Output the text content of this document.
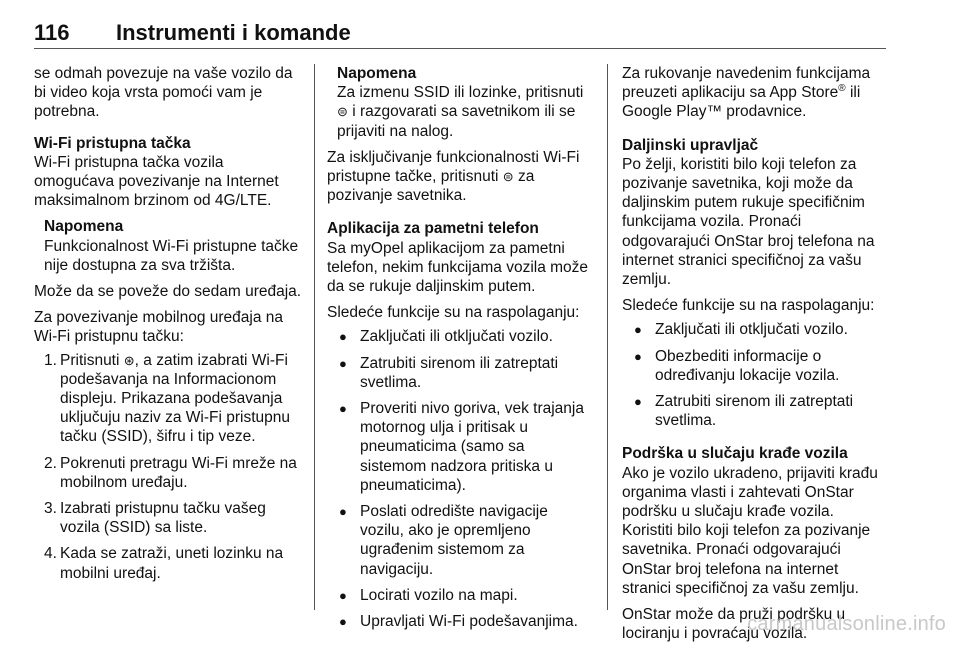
116 Instrumenti i komande

se odmah povezuje na vaše vozilo da bi video koja vrsta pomoći vam je potrebna.

Wi-Fi pristupna tačka

Wi-Fi pristupna tačka vozila omogućava povezivanje na Internet maksimalnom brzinom od 4G/LTE.

Napomena
Funkcionalnost Wi-Fi pristupne tačke nije dostupna za sva tržišta.

Može da se poveže do sedam uređaja.

Za povezivanje mobilnog uređaja na Wi-Fi pristupnu tačku:

1. Pritisnuti ⊛, a zatim izabrati Wi-Fi podešavanja na Informacionom displeju. Prikazana podešavanja uključuju naziv za Wi-Fi pristupnu tačku (SSID), šifru i tip veze.
2. Pokrenuti pretragu Wi-Fi mreže na mobilnom uređaju.
3. Izabrati pristupnu tačku vašeg vozila (SSID) sa liste.
4. Kada se zatraži, uneti lozinku na mobilni uređaj.
Napomena
Za izmenu SSID ili lozinke, pritisnuti ⊜ i razgovarati sa savetnikom ili se prijaviti na nalog.

Za isključivanje funkcionalnosti Wi-Fi pristupne tačke, pritisnuti ⊜ za pozivanje savetnika.

Aplikacija za pametni telefon

Sa myOpel aplikacijom za pametni telefon, nekim funkcijama vozila može da se rukuje daljinskim putem.

Sledeće funkcije su na raspolaganju:

● Zaključati ili otključati vozilo.
● Zatrubiti sirenom ili zatreptati svetlima.
● Proveriti nivo goriva, vek trajanja motornog ulja i pritisak u pneumaticima (samo sa sistemom nadzora pritiska u pneumaticima).
● Poslati odredište navigacije vozilu, ako je opremljeno ugrađenim sistemom za navigaciju.
● Locirati vozilo na mapi.
● Upravljati Wi-Fi podešavanjima.

Za rukovanje navedenim funkcijama preuzeti aplikaciju sa App Store® ili Google Play™ prodavnice.

Daljinski upravljač

Po želji, koristiti bilo koji telefon za pozivanje savetnika, koji može da daljinskim putem rukuje specifičnim funkcijama vozila. Pronaći odgovarajući OnStar broj telefona na internet stranici specifičnoj za vašu zemlju.

Sledeće funkcije su na raspolaganju:

● Zaključati ili otključati vozilo.
● Obezbediti informacije o određivanju lokacije vozila.
● Zatrubiti sirenom ili zatreptati svetlima.

Podrška u slučaju krađe vozila

Ako je vozilo ukradeno, prijaviti krađu organima vlasti i zahtevati OnStar podršku u slučaju krađe vozila. Koristiti bilo koji telefon za pozivanje savetnika. Pronaći odgovarajući OnStar broj telefona na internet stranici specifičnoj za vašu zemlju.

OnStar može da pruži podršku u lociranju i povraćaju vozila.

carmanualsonline.info
